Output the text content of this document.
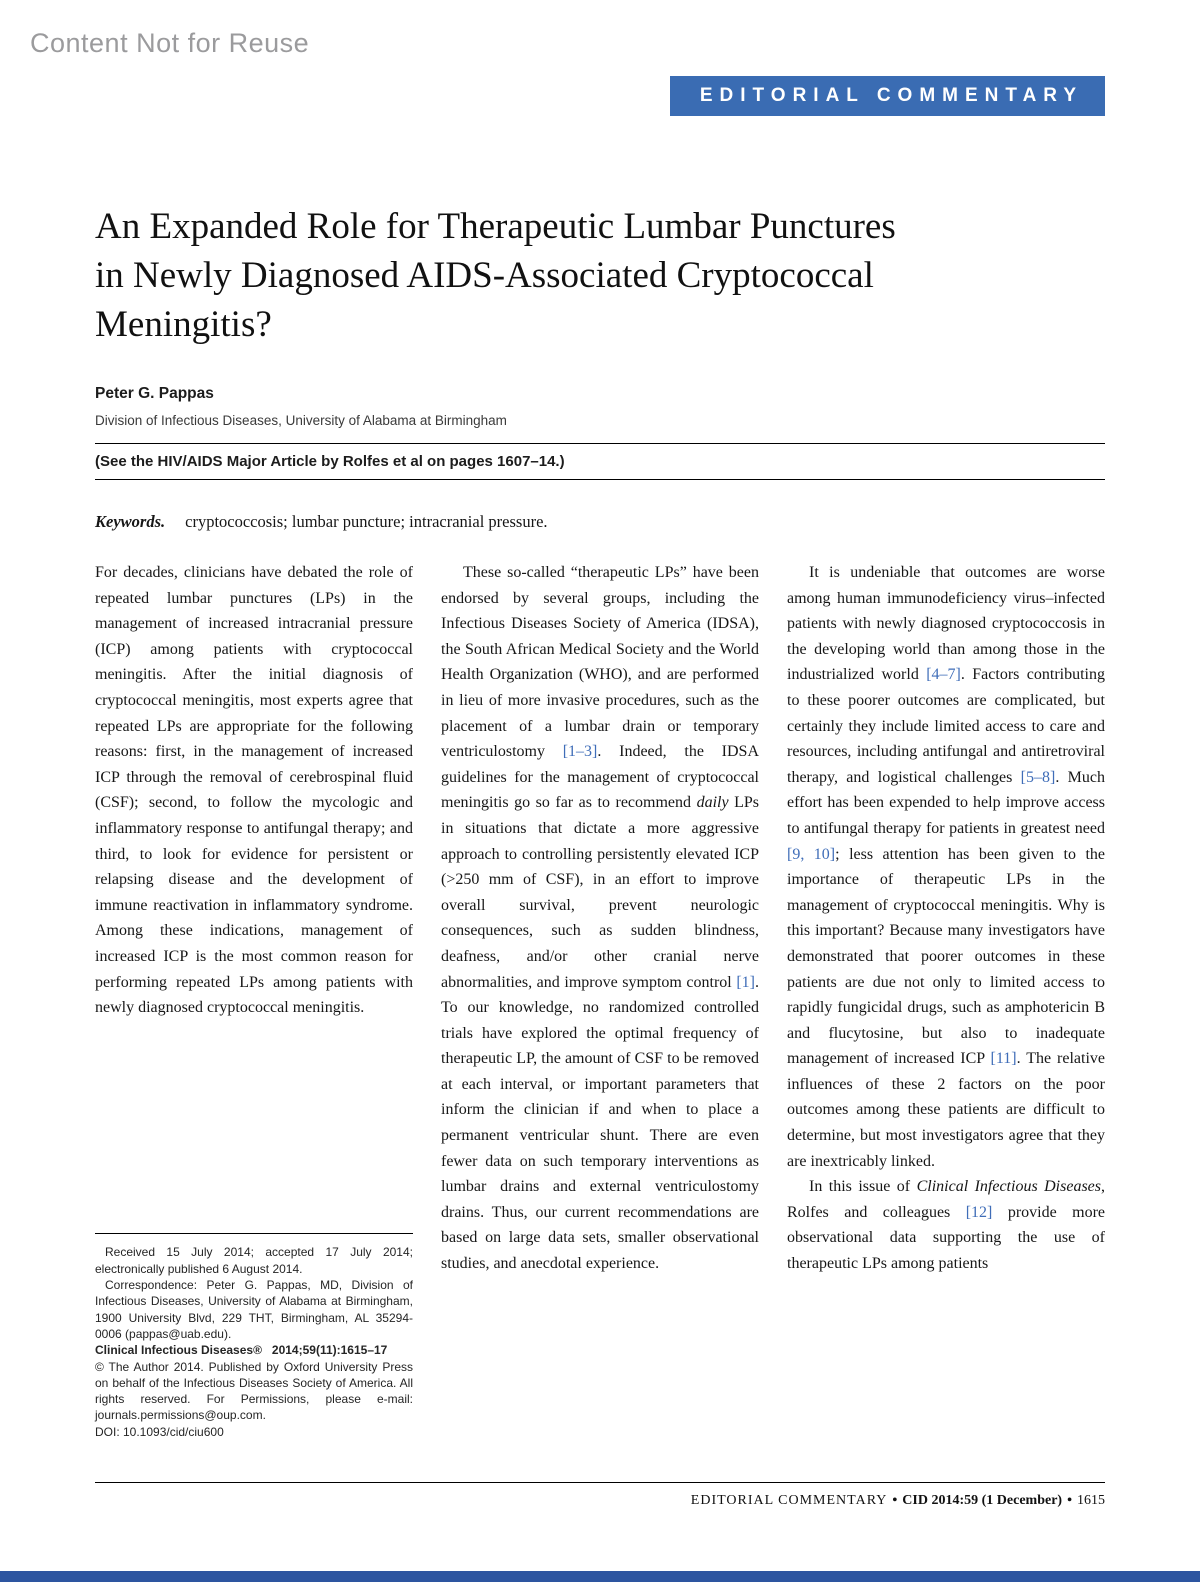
Content Not for Reuse
EDITORIAL COMMENTARY
An Expanded Role for Therapeutic Lumbar Punctures
in Newly Diagnosed AIDS-Associated Cryptococcal
Meningitis?
Peter G. Pappas
Division of Infectious Diseases, University of Alabama at Birmingham
(See the HIV/AIDS Major Article by Rolfes et al on pages 1607–14.)
Keywords. cryptococcosis; lumbar puncture; intracranial pressure.

For decades, clinicians have debated the role of repeated lumbar punctures (LPs) in the management of increased intracranial pressure (ICP) among patients with cryptococcal meningitis. After the initial diagnosis of cryptococcal meningitis, most experts agree that repeated LPs are appropriate for the following reasons: first, in the management of increased ICP through the removal of cerebrospinal fluid (CSF); second, to follow the mycologic and inflammatory response to antifungal therapy; and third, to look for evidence for persistent or relapsing disease and the development of immune reactivation in inflammatory syndrome. Among these indications, management of increased ICP is the most common reason for performing repeated LPs among patients with newly diagnosed cryptococcal meningitis.

Received 15 July 2014; accepted 17 July 2014; electronically published 6 August 2014.

Correspondence: Peter G. Pappas, MD, Division of Infectious Diseases, University of Alabama at Birmingham, 1900 University Blvd, 229 THT, Birmingham, AL 35294-0006 (pappas@uab.edu).

Clinical Infectious Diseases®   2014;59(11):1615–17

© The Author 2014. Published by Oxford University Press on behalf of the Infectious Diseases Society of America. All rights reserved. For Permissions, please e-mail: journals.permissions@oup.com.

DOI: 10.1093/cid/ciu600

These so-called “therapeutic LPs” have been endorsed by several groups, including the Infectious Diseases Society of America (IDSA), the South African Medical Society and the World Health Organization (WHO), and are performed in lieu of more invasive procedures, such as the placement of a lumbar drain or temporary ventriculostomy [1–3]. Indeed, the IDSA guidelines for the management of cryptococcal meningitis go so far as to recommend daily LPs in situations that dictate a more aggressive approach to controlling persistently elevated ICP (>250 mm of CSF), in an effort to improve overall survival, prevent neurologic consequences, such as sudden blindness, deafness, and/or other cranial nerve abnormalities, and improve symptom control [1]. To our knowledge, no randomized controlled trials have explored the optimal frequency of therapeutic LP, the amount of CSF to be removed at each interval, or important parameters that inform the clinician if and when to place a permanent ventricular shunt. There are even fewer data on such temporary interventions as lumbar drains and external ventriculostomy drains. Thus, our current recommendations are based on large data sets, smaller observational studies, and anecdotal experience.

It is undeniable that outcomes are worse among human immunodeficiency virus–infected patients with newly diagnosed cryptococcosis in the developing world than among those in the industrialized world [4–7]. Factors contributing to these poorer outcomes are complicated, but certainly they include limited access to care and resources, including antifungal and antiretroviral therapy, and logistical challenges [5–8]. Much effort has been expended to help improve access to antifungal therapy for patients in greatest need [9, 10]; less attention has been given to the importance of therapeutic LPs in the management of cryptococcal meningitis. Why is this important? Because many investigators have demonstrated that poorer outcomes in these patients are due not only to limited access to rapidly fungicidal drugs, such as amphotericin B and flucytosine, but also to inadequate management of increased ICP [11]. The relative influences of these 2 factors on the poor outcomes among these patients are difficult to determine, but most investigators agree that they are inextricably linked.

In this issue of Clinical Infectious Diseases, Rolfes and colleagues [12] provide more observational data supporting the use of therapeutic LPs among patients

EDITORIAL COMMENTARY • CID 2014:59 (1 December) • 1615
